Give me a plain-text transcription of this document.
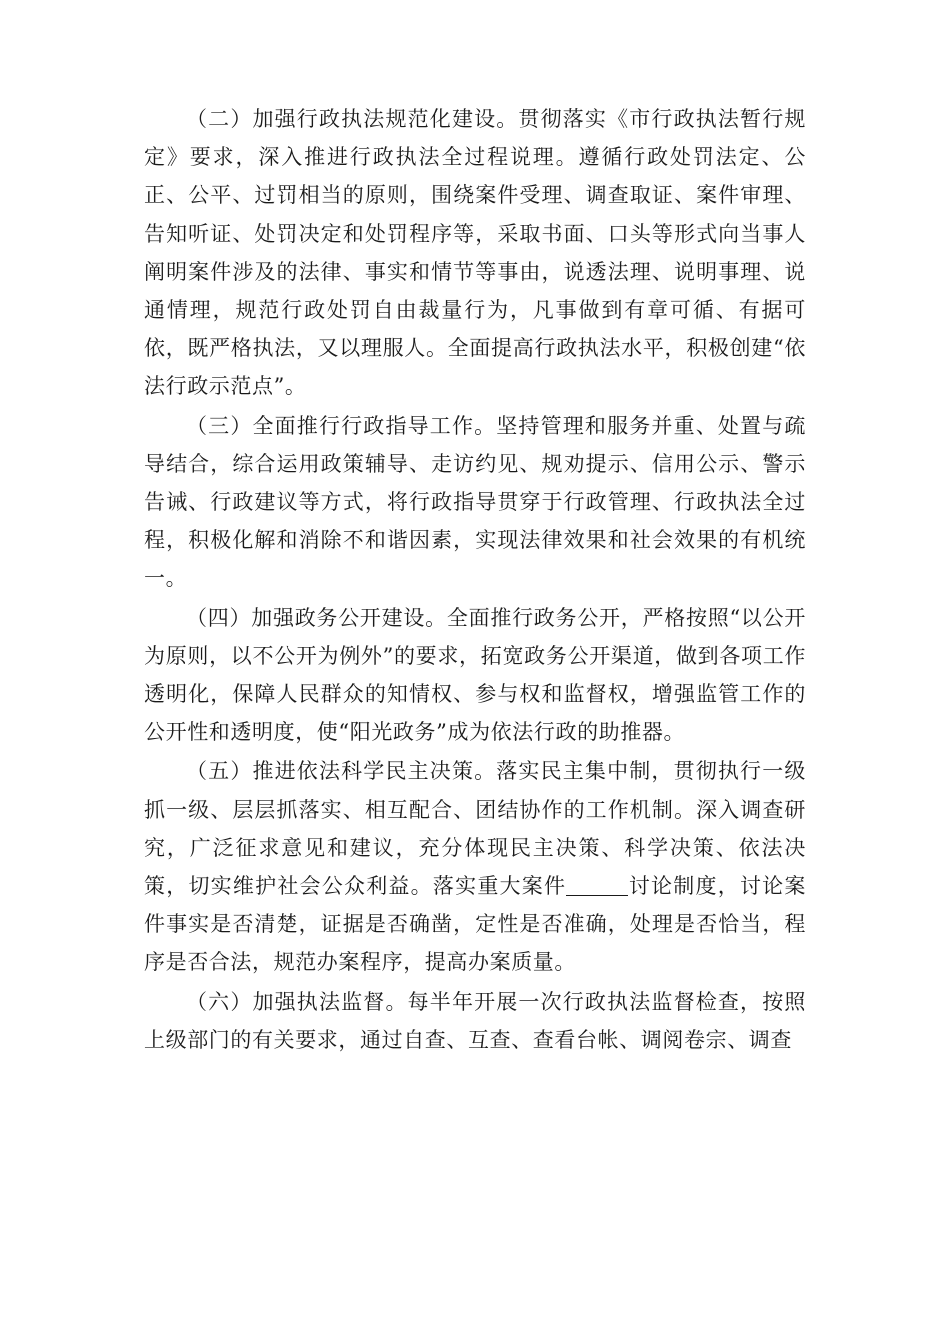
（二）加强行政执法规范化建设。贯彻落实《市行政执法暂行规定》要求，深入推进行政执法全过程说理。遵循行政处罚法定、公正、公平、过罚相当的原则，围绕案件受理、调查取证、案件审理、告知听证、处罚决定和处罚程序等，采取书面、口头等形式向当事人阐明案件涉及的法律、事实和情节等事由，说透法理、说明事理、说通情理，规范行政处罚自由裁量行为，凡事做到有章可循、有据可依，既严格执法，又以理服人。全面提高行政执法水平，积极创建“依法行政示范点”。

（三）全面推行行政指导工作。坚持管理和服务并重、处置与疏导结合，综合运用政策辅导、走访约见、规劝提示、信用公示、警示告诫、行政建议等方式，将行政指导贯穿于行政管理、行政执法全过程，积极化解和消除不和谐因素，实现法律效果和社会效果的有机统一。

（四）加强政务公开建设。全面推行政务公开，严格按照“以公开为原则，以不公开为例外”的要求，拓宽政务公开渠道，做到各项工作透明化，保障人民群众的知情权、参与权和监督权，增强监管工作的公开性和透明度，使“阳光政务”成为依法行政的助推器。

（五）推进依法科学民主决策。落实民主集中制，贯彻执行一级抓一级、层层抓落实、相互配合、团结协作的工作机制。深入调查研究，广泛征求意见和建议，充分体现民主决策、科学决策、依法决策，切实维护社会公众利益。落实重大案件	讨论制度，讨论案件事实是否清楚，证据是否确凿，定性是否准确，处理是否恰当，程序是否合法，规范办案程序，提高办案质量。

（六）加强执法监督。每半年开展一次行政执法监督检查，按照上级部门的有关要求，通过自查、互查、查看台帐、调阅卷宗、调查
